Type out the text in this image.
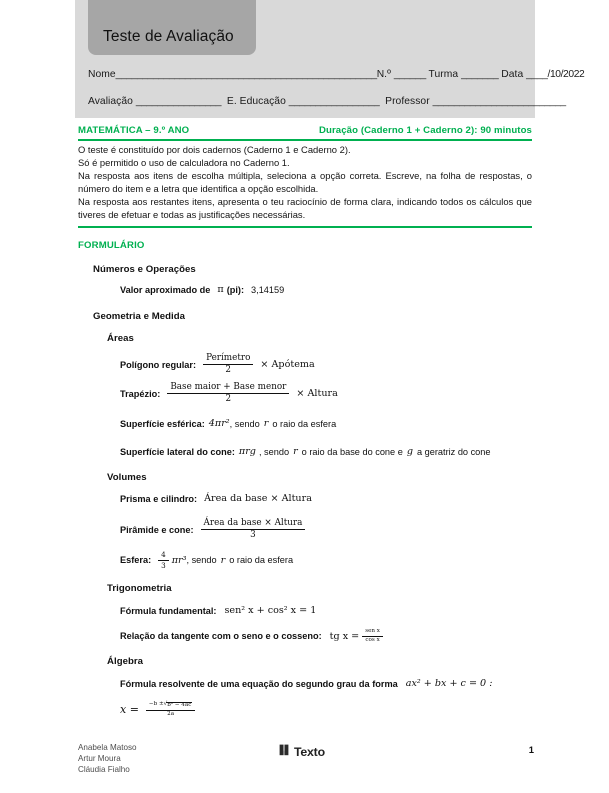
Teste de Avaliação
Nome_________________________________________________N.º ______ Turma _______ Data ____/10/2022
Avaliação ________________ E. Educação _________________ Professor _________________________
MATEMÁTICA – 9.º ANO	Duração (Caderno 1 + Caderno 2): 90 minutos

O teste é constituído por dois cadernos (Caderno 1 e Caderno 2).

Só é permitido o uso de calculadora no Caderno 1.

Na resposta aos itens de escolha múltipla, seleciona a opção correta. Escreve, na folha de respostas, o número do item e a letra que identifica a opção escolhida.

Na resposta aos restantes itens, apresenta o teu raciocínio de forma clara, indicando todos os cálculos que tiveres de efetuar e todas as justificações necessárias.

FORMULÁRIO
Números e Operações
Valor aproximado de π (pi): 3,14159
Geometria e Medida
Áreas
Polígono regular: $\frac{\text{Perímetro}}{2}$ × Apótema
Trapézio: $\frac{\text{Base maior + Base menor}}{2}$ × Altura
Superfície esférica: 4πr² , sendo r o raio da esfera
Superfície lateral do cone: πrg , sendo r o raio da base do cone e g a geratriz do cone
Volumes
Prisma e cilindro: Área da base × Altura
Pirâmide e cone: $\frac{\text{Área da base × Altura}}{3}$
Esfera: $\frac{4}{3} \pi r^3$ , sendo r o raio da esfera
Trigonometria
Fórmula fundamental: sen² x + cos² x = 1
Relação da tangente com o seno e o cosseno: tg $x = \frac{\text{sen x}}{\text{cos x}}$
Álgebra
Fórmula resolvente de uma equação do segundo grau da forma ax² + bx + c = 0 :
$x = \frac{\text{−b ±√ b² − 4ac}}{2a}$
Anabela Matoso
Artur Moura
Cláudia Fialho
Texto	1
